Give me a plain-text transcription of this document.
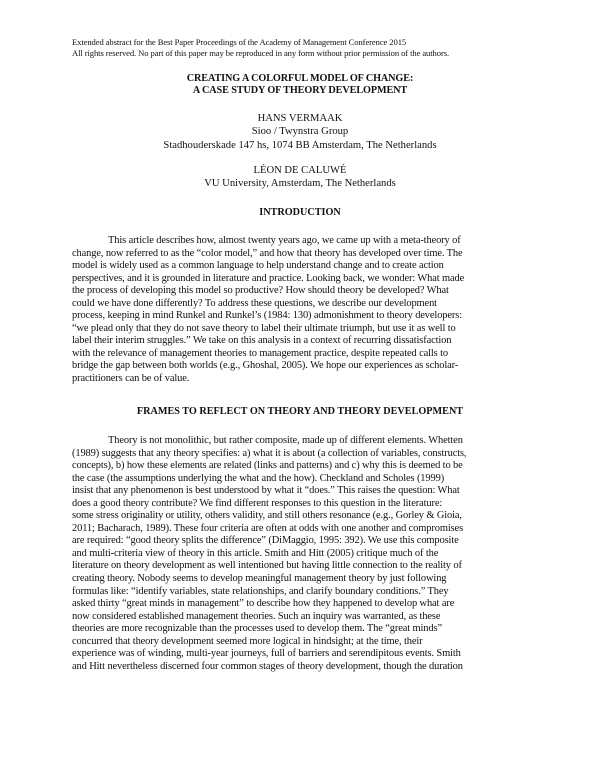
Extended abstract for the Best Paper Proceedings of the Academy of Management Conference 2015
All rights reserved. No part of this paper may be reproduced in any form without prior permission of the authors.
CREATING A COLORFUL MODEL OF CHANGE:
A CASE STUDY OF THEORY DEVELOPMENT
HANS VERMAAK
Sioo / Twynstra Group
Stadhouderskade 147 hs, 1074 BB Amsterdam, The Netherlands
LÉON DE CALUWÉ
VU University, Amsterdam, The Netherlands
INTRODUCTION
This article describes how, almost twenty years ago, we came up with a meta-theory of
change, now referred to as the “color model,” and how that theory has developed over time. The
model is widely used as a common language to help understand change and to create action
perspectives, and it is grounded in literature and practice. Looking back, we wonder: What made
the process of developing this model so productive? How should theory be developed? What
could we have done differently? To address these questions, we describe our development
process, keeping in mind Runkel and Runkel’s (1984: 130) admonishment to theory developers:
“we plead only that they do not save theory to label their ultimate triumph, but use it as well to
label their interim struggles.” We take on this analysis in a context of recurring dissatisfaction
with the relevance of management theories to management practice, despite repeated calls to
bridge the gap between both worlds (e.g., Ghoshal, 2005). We hope our experiences as scholar-
practitioners can be of value.
FRAMES TO REFLECT ON THEORY AND THEORY DEVELOPMENT
Theory is not monolithic, but rather composite, made up of different elements. Whetten
(1989) suggests that any theory specifies: a) what it is about (a collection of variables, constructs,
concepts), b) how these elements are related (links and patterns) and c) why this is deemed to be
the case (the assumptions underlying the what and the how). Checkland and Scholes (1999)
insist that any phenomenon is best understood by what it “does.” This raises the question: What
does a good theory contribute? We find different responses to this question in the literature:
some stress originality or utility, others validity, and still others resonance (e.g., Gorley & Gioia,
2011; Bacharach, 1989). These four criteria are often at odds with one another and compromises
are required: “good theory splits the difference” (DiMaggio, 1995: 392). We use this composite
and multi-criteria view of theory in this article. Smith and Hitt (2005) critique much of the
literature on theory development as well intentioned but having little connection to the reality of
creating theory. Nobody seems to develop meaningful management theory by just following
formulas like: “identify variables, state relationships, and clarify boundary conditions.” They
asked thirty “great minds in management” to describe how they happened to develop what are
now considered established management theories. Such an inquiry was warranted, as these
theories are more recognizable than the processes used to develop them. The “great minds”
concurred that theory development seemed more logical in hindsight; at the time, their
experience was of winding, multi-year journeys, full of barriers and serendipitous events. Smith
and Hitt nevertheless discerned four common stages of theory development, though the duration
